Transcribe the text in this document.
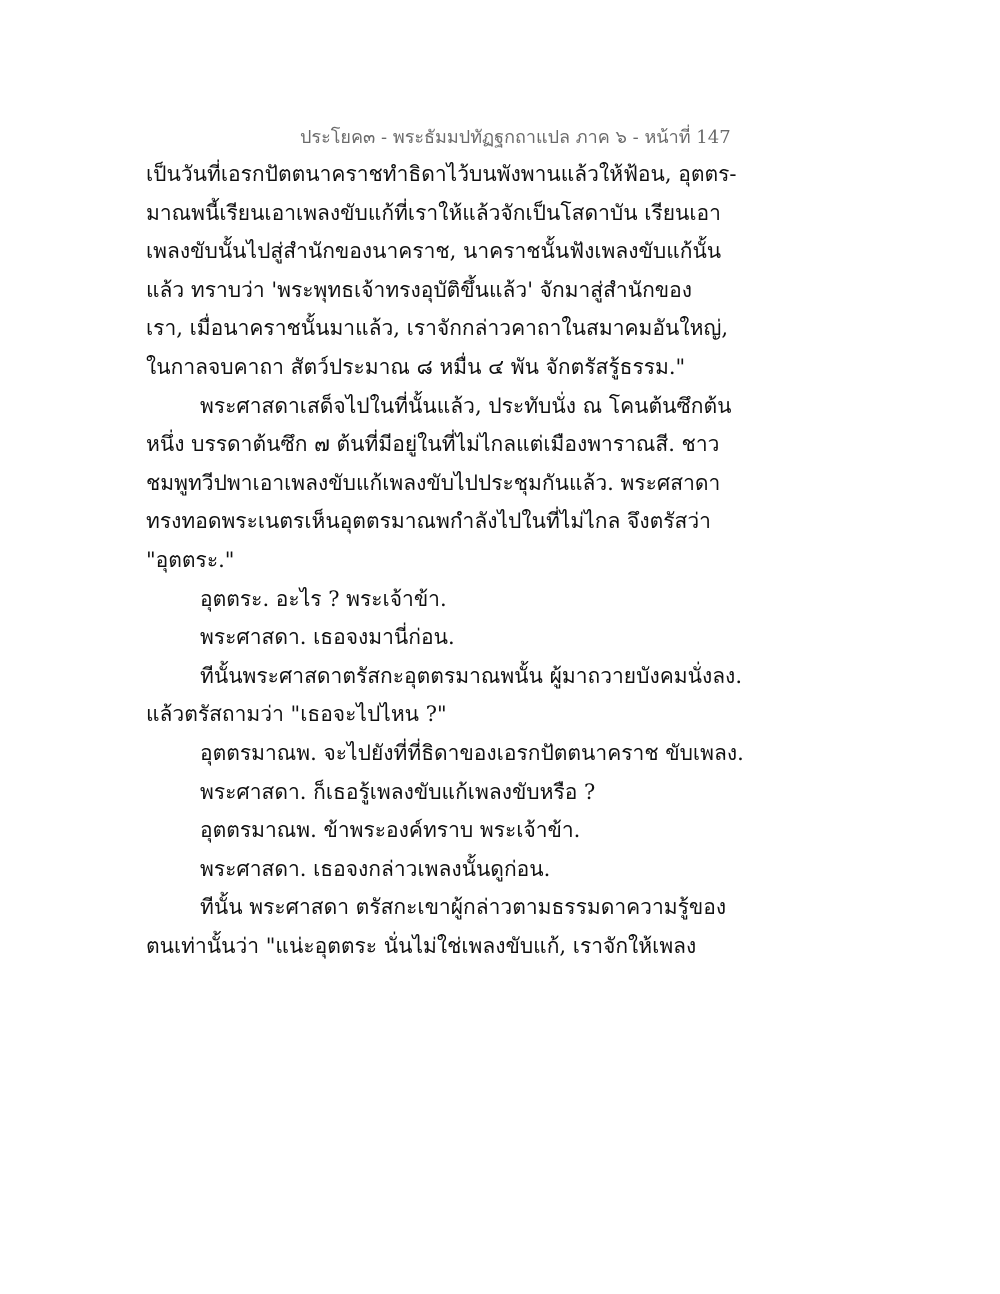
ประโยค๓ - พระธัมมปทัฏฐกถาแปล ภาค ๖ - หน้าที่ 147
เป็นวันที่เอรกปัตตนาคราชทำธิดาไว้บนพังพานแล้วให้ฟ้อน, อุตตร-
มาณพนี้เรียนเอาเพลงขับแก้ที่เราให้แล้วจักเป็นโสดาบัน เรียนเอา
เพลงขับนั้นไปสู่สำนักของนาคราช, นาคราชนั้นฟังเพลงขับแก้นั้น
แล้ว ทราบว่า 'พระพุทธเจ้าทรงอุบัติขึ้นแล้ว' จักมาสู่สำนักของ
เรา, เมื่อนาคราชนั้นมาแล้ว, เราจักกล่าวคาถาในสมาคมอันใหญ่,
ในกาลจบคาถา สัตว์ประมาณ ๘ หมื่น ๔ พัน จักตรัสรู้ธรรม."
พระศาสดาเสด็จไปในที่นั้นแล้ว, ประทับนั่ง ณ โคนต้นซึกต้น
หนึ่ง บรรดาต้นซึก ๗ ต้นที่มีอยู่ในที่ไม่ไกลแต่เมืองพาราณสี. ชาว
ชมพูทวีปพาเอาเพลงขับแก้เพลงขับไปประชุมกันแล้ว. พระศสาดา
ทรงทอดพระเนตรเห็นอุตตรมาณพกำลังไปในที่ไม่ไกล จึงตรัสว่า
"อุตตระ."
อุตตระ. อะไร ? พระเจ้าข้า.
พระศาสดา. เธอจงมานี่ก่อน.
ทีนั้นพระศาสดาตรัสกะอุตตรมาณพนั้น ผู้มาถวายบังคมนั่งลง.
แล้วตรัสถามว่า "เธอจะไปไหน ?"
อุตตรมาณพ. จะไปยังที่ที่ธิดาของเอรกปัตตนาคราช ขับเพลง.
พระศาสดา. ก็เธอรู้เพลงขับแก้เพลงขับหรือ ?
อุตตรมาณพ. ข้าพระองค์ทราบ พระเจ้าข้า.
พระศาสดา. เธอจงกล่าวเพลงนั้นดูก่อน.
ทีนั้น พระศาสดา ตรัสกะเขาผู้กล่าวตามธรรมดาความรู้ของ
ตนเท่านั้นว่า "แน่ะอุตตระ นั่นไม่ใช่เพลงขับแก้, เราจักให้เพลง
